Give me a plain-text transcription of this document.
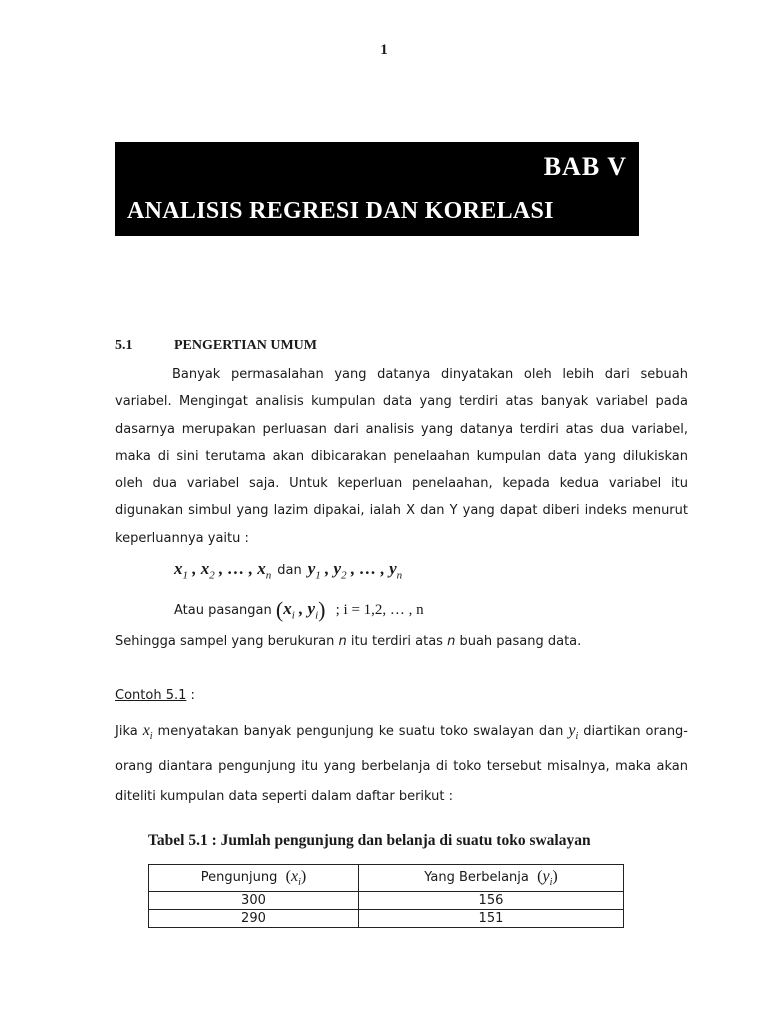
1
BAB V
ANALISIS REGRESI DAN KORELASI
5.1	PENGERTIAN UMUM
Banyak permasalahan yang datanya dinyatakan oleh lebih dari sebuah variabel. Mengingat analisis kumpulan data yang terdiri atas banyak variabel pada dasarnya merupakan perluasan dari analisis yang datanya terdiri atas dua variabel, maka di sini terutama akan dibicarakan penelaahan kumpulan data yang dilukiskan oleh dua variabel saja. Untuk keperluan penelaahan, kepada kedua variabel itu digunakan simbul yang lazim dipakai, ialah X dan Y yang dapat diberi indeks menurut keperluannya yaitu :
$x_1$ , $x_2$ , … , $x_n$ dan $y_1$ , $y_2$ , … , $y_n$
Atau pasangan ($x_i$ , $y_i$) ; i = 1,2, … , n
Sehingga sampel yang berukuran n itu terdiri atas n buah pasang data.
Contoh 5.1 :
Jika $x_i$ menyatakan banyak pengunjung ke suatu toko swalayan dan $y_i$ diartikan orang-orang diantara pengunjung itu yang berbelanja di toko tersebut misalnya, maka akan diteliti kumpulan data seperti dalam daftar berikut :
Tabel 5.1 : Jumlah pengunjung dan belanja di suatu toko swalayan
Pengunjung $(x_i)$	Yang Berbelanja $(y_i)$
300	156
290	151
